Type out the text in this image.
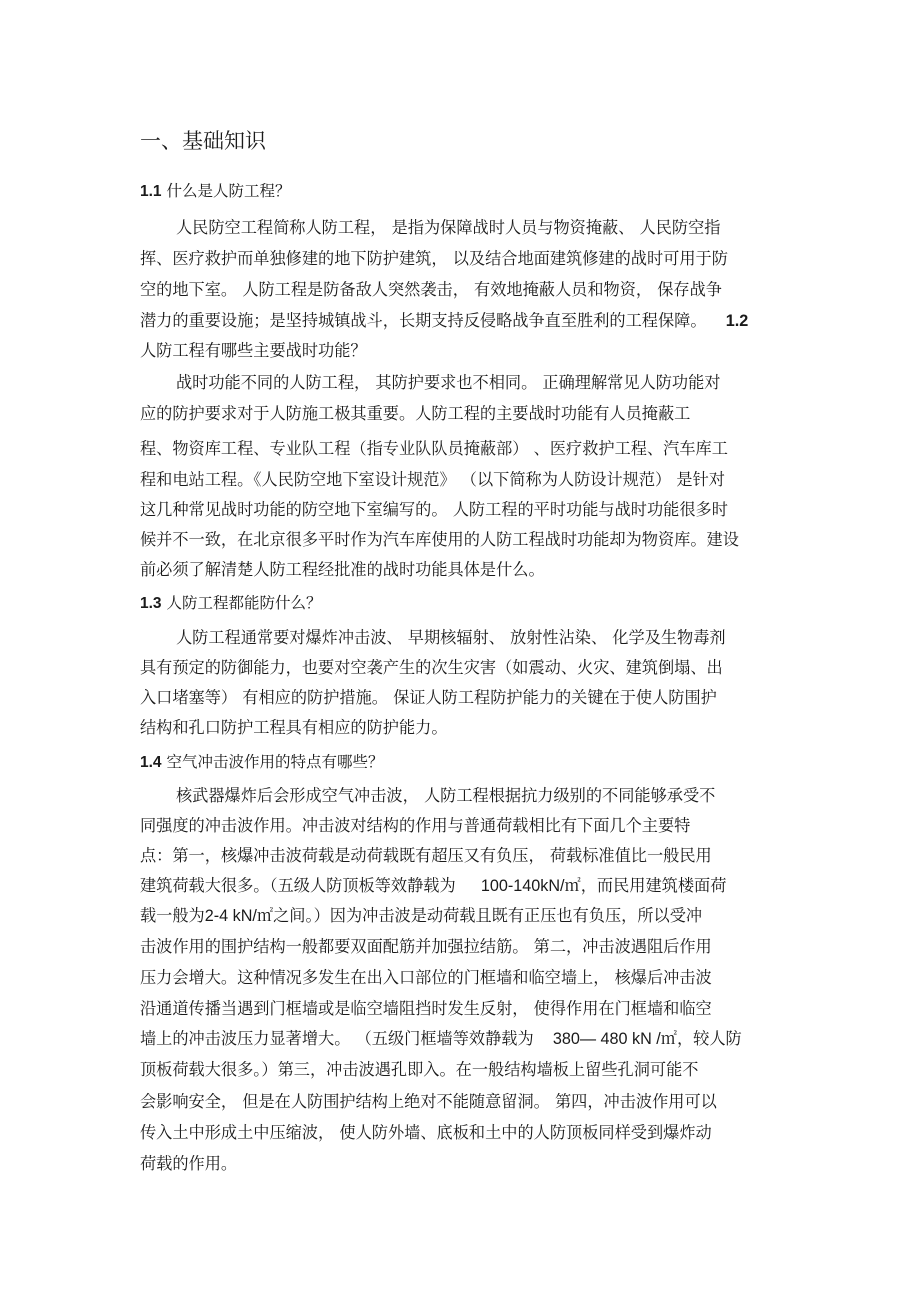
一、基础知识
1.1 什么是人防工程？
人民防空工程简称人防工程， 是指为保障战时人员与物资掩蔽、 人民防空指
挥、医疗救护而单独修建的地下防护建筑， 以及结合地面建筑修建的战时可用于防
空的地下室。 人防工程是防备敌人突然袭击， 有效地掩蔽人员和物资， 保存战争
潜力的重要设施；是坚持城镇战斗，长期支持反侵略战争直至胜利的工程保障。 1.2
人防工程有哪些主要战时功能？
战时功能不同的人防工程， 其防护要求也不相同。 正确理解常见人防功能对
应的防护要求对于人防施工极其重要。人防工程的主要战时功能有人员掩蔽工
程、物资库工程、专业队工程（指专业队队员掩蔽部） 、医疗救护工程、汽车库工
程和电站工程。《人民防空地下室设计规范》 （以下简称为人防设计规范） 是针对
这几种常见战时功能的防空地下室编写的。 人防工程的平时功能与战时功能很多时
候并不一致，在北京很多平时作为汽车库使用的人防工程战时功能却为物资库。建设
前必须了解清楚人防工程经批准的战时功能具体是什么。
1.3 人防工程都能防什么？
人防工程通常要对爆炸冲击波、 早期核辐射、 放射性沾染、 化学及生物毒剂
具有预定的防御能力，也要对空袭产生的次生灾害（如震动、火灾、建筑倒塌、出
入口堵塞等） 有相应的防护措施。 保证人防工程防护能力的关键在于使人防围护
结构和孔口防护工程具有相应的防护能力。
1.4 空气冲击波作用的特点有哪些？
核武器爆炸后会形成空气冲击波， 人防工程根据抗力级别的不同能够承受不
同强度的冲击波作用。冲击波对结构的作用与普通荷载相比有下面几个主要特
点：第一，核爆冲击波荷载是动荷载既有超压又有负压， 荷载标准值比一般民用
建筑荷载大很多。（五级人防顶板等效静载为 100-140kN/㎡，而民用建筑楼面荷
载一般为2-4 kN/㎡之间。）因为冲击波是动荷载且既有正压也有负压，所以受冲
击波作用的围护结构一般都要双面配筋并加强拉结筋。 第二，冲击波遇阻后作用
压力会增大。这种情况多发生在出入口部位的门框墙和临空墙上， 核爆后冲击波
沿通道传播当遇到门框墙或是临空墙阻挡时发生反射， 使得作用在门框墙和临空
墙上的冲击波压力显著增大。 （五级门框墙等效静载为 380— 480 kN /㎡，较人防
顶板荷载大很多。）第三，冲击波遇孔即入。在一般结构墙板上留些孔洞可能不
会影响安全， 但是在人防围护结构上绝对不能随意留洞。 第四，冲击波作用可以
传入土中形成土中压缩波， 使人防外墙、底板和土中的人防顶板同样受到爆炸动
荷载的作用。
